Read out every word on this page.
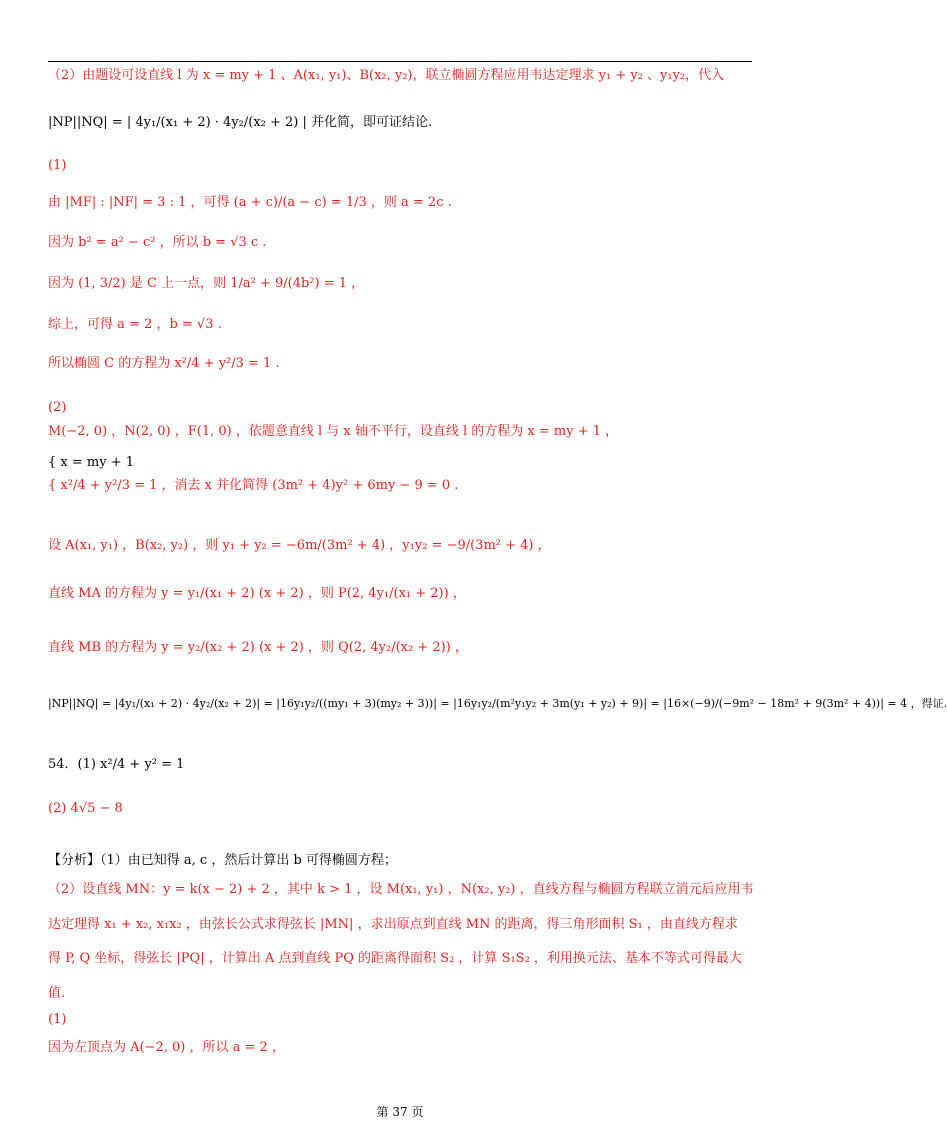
（2）由题设可设直线 l 为 x = my + 1 、A(x₁, y₁)、B(x₂, y₂)，联立椭圆方程应用韦达定理求 y₁ + y₂ 、y₁y₂，代入
|NP||NQ| = | 4y₁/(x₁ + 2) · 4y₂/(x₂ + 2) | 并化简，即可证结论.
(1)
由 |MF| : |NF| = 3 : 1 ，可得 (a + c)/(a − c) = 1/3 ，则 a = 2c .
因为 b² = a² − c² ，所以 b = √3 c .
因为 (1, 3/2) 是 C 上一点，则 1/a² + 9/(4b²) = 1 ，
综上，可得 a = 2 ，b = √3 .
所以椭圆 C 的方程为 x²/4 + y²/3 = 1 .
(2)
M(−2, 0) ，N(2, 0) ，F(1, 0) ，依题意直线 l 与 x 轴不平行，设直线 l 的方程为 x = my + 1 ，
{ x = my + 1
{ x²/4 + y²/3 = 1 ，消去 x 并化简得 (3m² + 4)y² + 6my − 9 = 0 .
设 A(x₁, y₁) ，B(x₂, y₂) ，则 y₁ + y₂ = −6m/(3m² + 4) ，y₁y₂ = −9/(3m² + 4) ，
直线 MA 的方程为 y = y₁/(x₁ + 2) (x + 2) ，则 P(2, 4y₁/(x₁ + 2)) ，
直线 MB 的方程为 y = y₂/(x₂ + 2) (x + 2) ，则 Q(2, 4y₂/(x₂ + 2)) ，
|NP||NQ| = |4y₁/(x₁ + 2) · 4y₂/(x₂ + 2)| = |16y₁y₂/((my₁ + 3)(my₂ + 3))| = |16y₁y₂/(m²y₁y₂ + 3m(y₁ + y₂) + 9)| = |16×(−9)/(−9m² − 18m² + 9(3m² + 4))| = 4 ，得证.
54．(1) x²/4 + y² = 1
(2) 4√5 − 8
【分析】（1）由已知得 a, c ，然后计算出 b 可得椭圆方程；
（2）设直线 MN：y = k(x − 2) + 2 ，其中 k > 1 ，设 M(x₁, y₁) ，N(x₂, y₂) ，直线方程与椭圆方程联立消元后应用韦
达定理得 x₁ + x₂, x₁x₂ ，由弦长公式求得弦长 |MN| ，求出原点到直线 MN 的距离，得三角形面积 S₁ ，由直线方程求
得 P, Q 坐标，得弦长 |PQ| ，计算出 A 点到直线 PQ 的距离得面积 S₂ ，计算 S₁S₂ ，利用换元法、基本不等式可得最大
值.
(1)
因为左顶点为 A(−2, 0) ，所以 a = 2 ，
第 37 页
